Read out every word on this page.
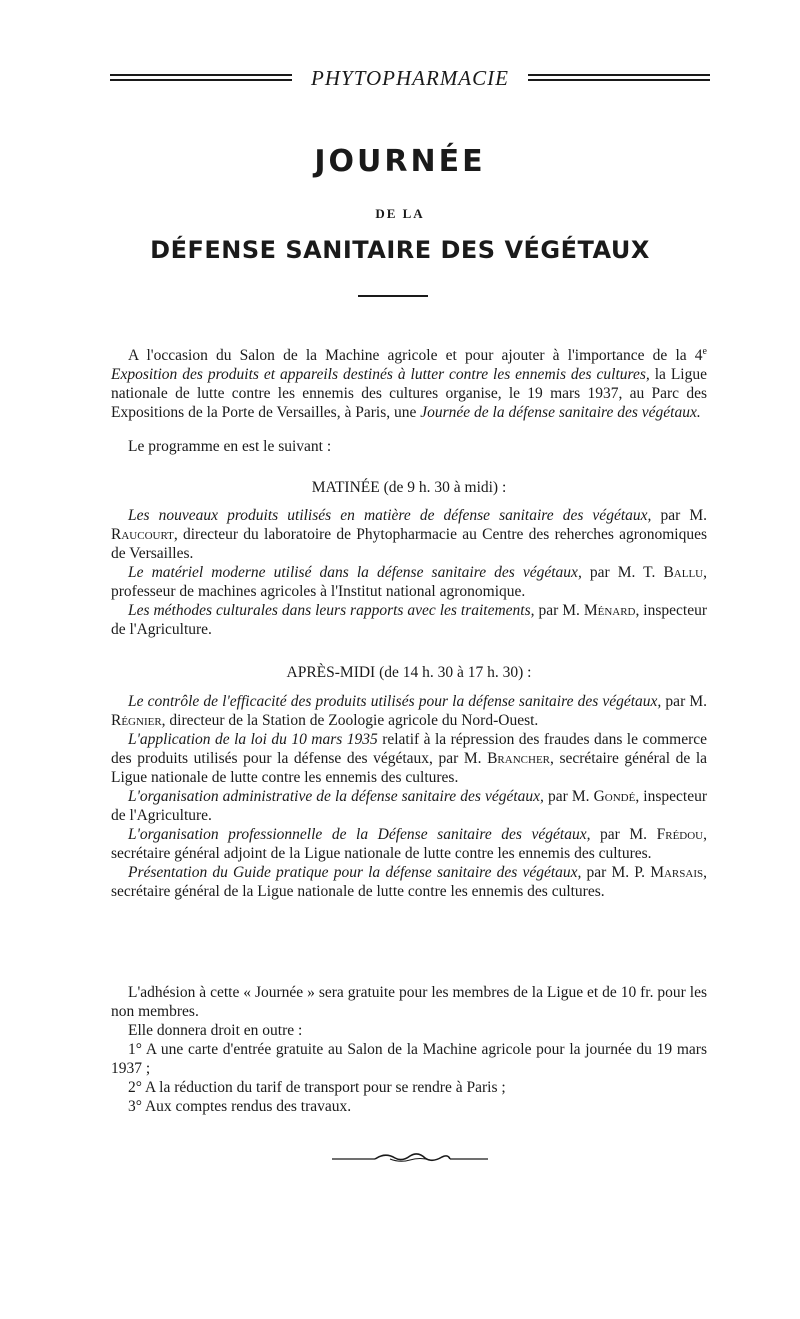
PHYTOPHARMACIE
JOURNÉE
DE LA
DÉFENSE SANITAIRE DES VÉGÉTAUX

A l'occasion du Salon de la Machine agricole et pour ajouter à l'importance de la 4e Exposition des produits et appareils destinés à lutter contre les ennemis des cultures, la Ligue nationale de lutte contre les ennemis des cultures organise, le 19 mars 1937, au Parc des Expositions de la Porte de Versailles, à Paris, une Journée de la défense sanitaire des végétaux.

Le programme en est le suivant :

MATINÉE (de 9 h. 30 à midi) :

Les nouveaux produits utilisés en matière de défense sanitaire des végétaux, par M. Raucourt, directeur du laboratoire de Phytopharmacie au Centre des reherches agronomiques de Versailles.

Le matériel moderne utilisé dans la défense sanitaire des végétaux, par M. T. Ballu, professeur de machines agricoles à l'Institut national agronomique.

Les méthodes culturales dans leurs rapports avec les traitements, par M. Ménard, inspecteur de l'Agriculture.

APRÈS-MIDI (de 14 h. 30 à 17 h. 30) :

Le contrôle de l'efficacité des produits utilisés pour la défense sanitaire des végétaux, par M. Régnier, directeur de la Station de Zoologie agricole du Nord-Ouest.

L'application de la loi du 10 mars 1935 relatif à la répression des fraudes dans le commerce des produits utilisés pour la défense des végétaux, par M. Brancher, secrétaire général de la Ligue nationale de lutte contre les ennemis des cultures.

L'organisation administrative de la défense sanitaire des végétaux, par M. Gondé, inspecteur de l'Agriculture.

L'organisation professionnelle de la Défense sanitaire des végétaux, par M. Frédou, secrétaire général adjoint de la Ligue nationale de lutte contre les ennemis des cultures.

Présentation du Guide pratique pour la défense sanitaire des végétaux, par M. P. Marsais, secrétaire général de la Ligue nationale de lutte contre les ennemis des cultures.

L'adhésion à cette « Journée » sera gratuite pour les membres de la Ligue et de 10 fr. pour les non membres.

Elle donnera droit en outre :

1° A une carte d'entrée gratuite au Salon de la Machine agricole pour la journée du 19 mars 1937 ;

2° A la réduction du tarif de transport pour se rendre à Paris ;

3° Aux comptes rendus des travaux.
